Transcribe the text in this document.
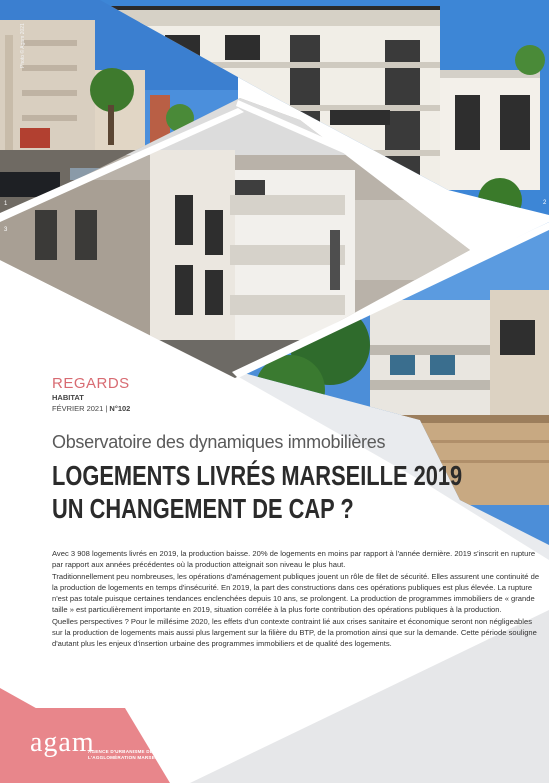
Photo © Agam 2021
1	2
3	4
REGARDS
HABITAT
FÉVRIER 2021 | N°102
Observatoire des dynamiques immobilières
LOGEMENTS LIVRÉS MARSEILLE 2019
UN CHANGEMENT DE CAP ?

Avec 3 908 logements livrés en 2019, la production baisse. 20% de logements en moins par rapport à l'année dernière. 2019 s'inscrit en rupture par rapport aux années précédentes où la production atteignait son niveau le plus haut.

Traditionnellement peu nombreuses, les opérations d'aménagement publiques jouent un rôle de filet de sécurité. Elles assurent une continuité de la production de logements en temps d'insécurité. En 2019, la part des constructions dans ces opérations publiques est plus élevée. La rupture n'est pas totale puisque certaines tendances enclenchées depuis 10 ans, se prolongent. La production de programmes immobiliers de « grande taille » est particulièrement importante en 2019, situation corrélée à la plus forte contribution des opérations publiques à la production.

Quelles perspectives ? Pour le millésime 2020, les effets d'un contexte contraint lié aux crises sanitaire et économique seront non négligeables sur la production de logements mais aussi plus largement sur la filière du BTP, de la promotion ainsi que sur la demande. Cette période souligne d'autant plus les enjeux d'insertion urbaine des programmes immobiliers et de qualité des logements.

agam
AGENCE D'URBANISME DE
L'AGGLOMÉRATION MARSEILLAISE
